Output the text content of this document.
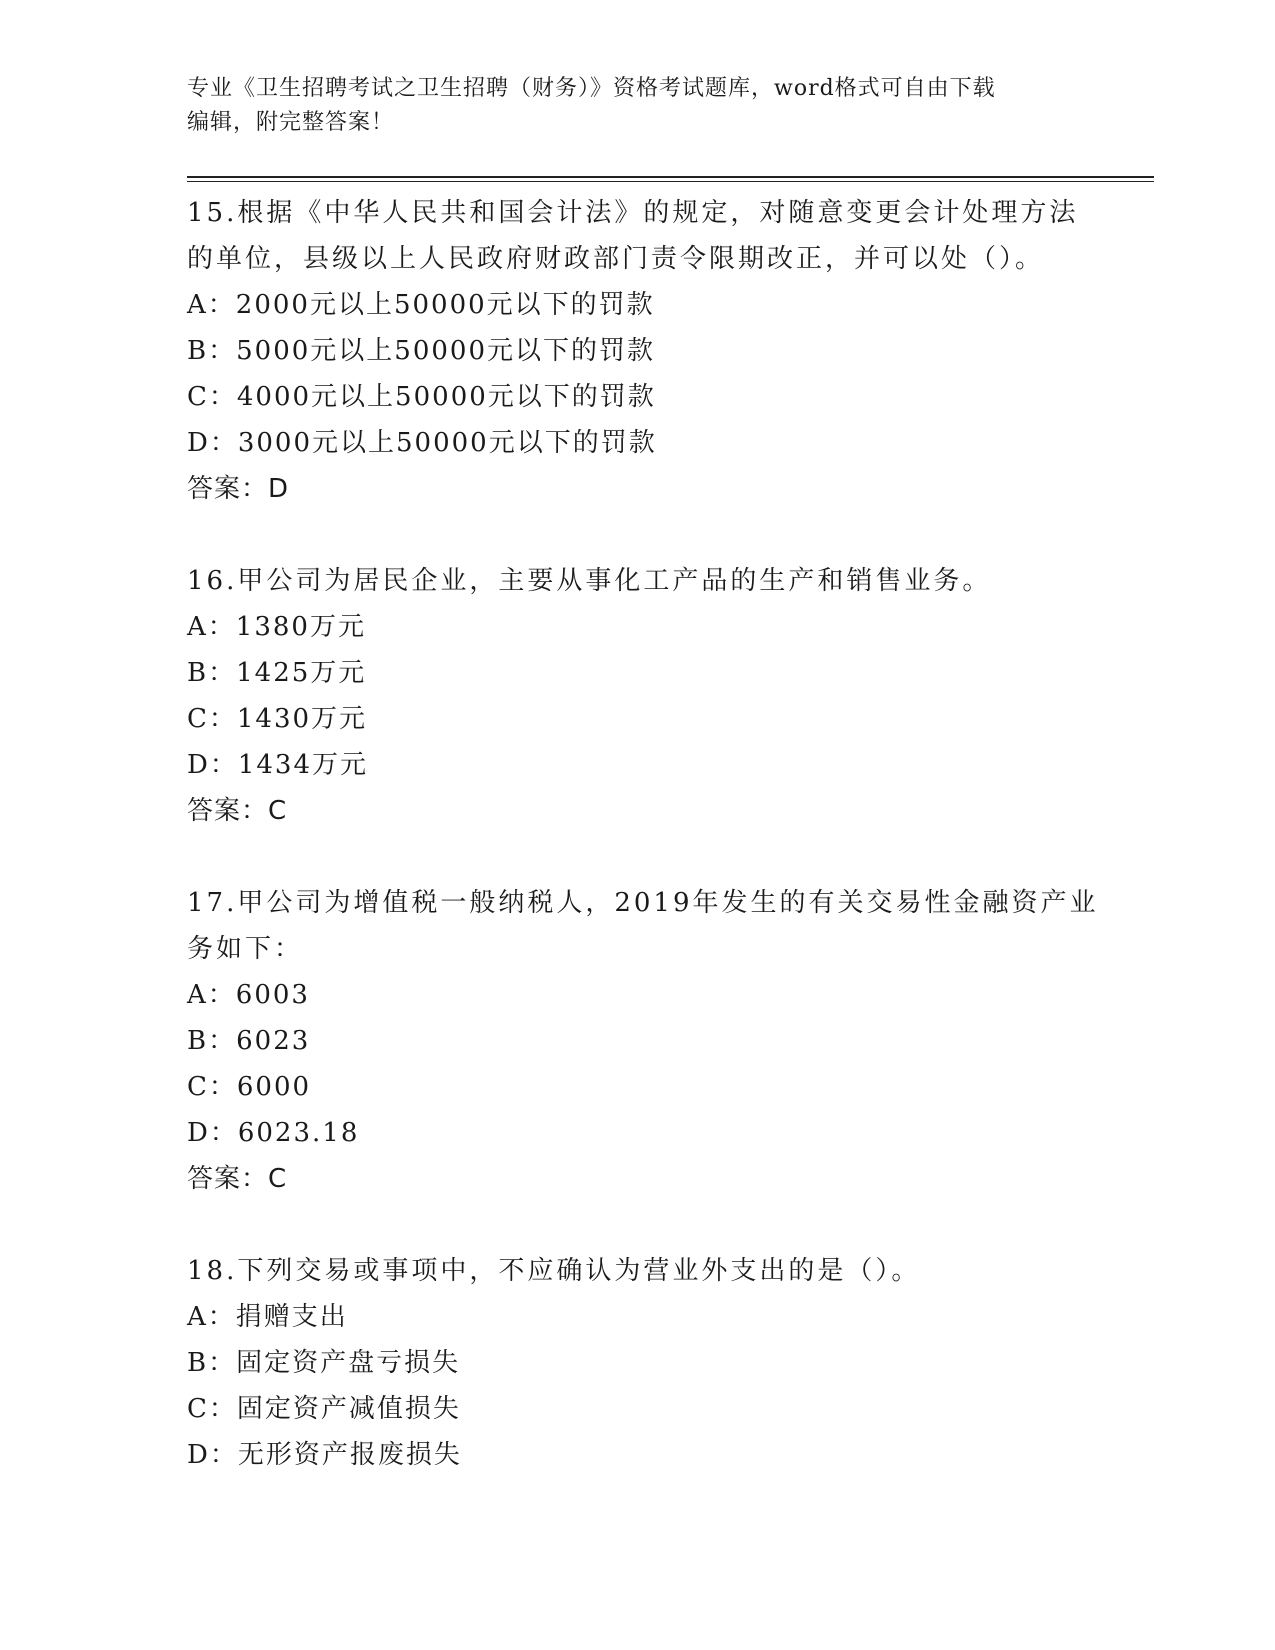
专业《卫生招聘考试之卫生招聘（财务）》资格考试题库，word格式可自由下载
编辑，附完整答案！
15.根据《中华人民共和国会计法》的规定，对随意变更会计处理方法
的单位，县级以上人民政府财政部门责令限期改正，并可以处（）。
A：2000元以上50000元以下的罚款
B：5000元以上50000元以下的罚款
C：4000元以上50000元以下的罚款
D：3000元以上50000元以下的罚款
答案：D
16.甲公司为居民企业，主要从事化工产品的生产和销售业务。
A：1380万元
B：1425万元
C：1430万元
D：1434万元
答案：C
17.甲公司为增值税一般纳税人，2019年发生的有关交易性金融资产业
务如下：
A：6003
B：6023
C：6000
D：6023.18
答案：C
18.下列交易或事项中，不应确认为营业外支出的是（）。
A：捐赠支出
B：固定资产盘亏损失
C：固定资产减值损失
D：无形资产报废损失
